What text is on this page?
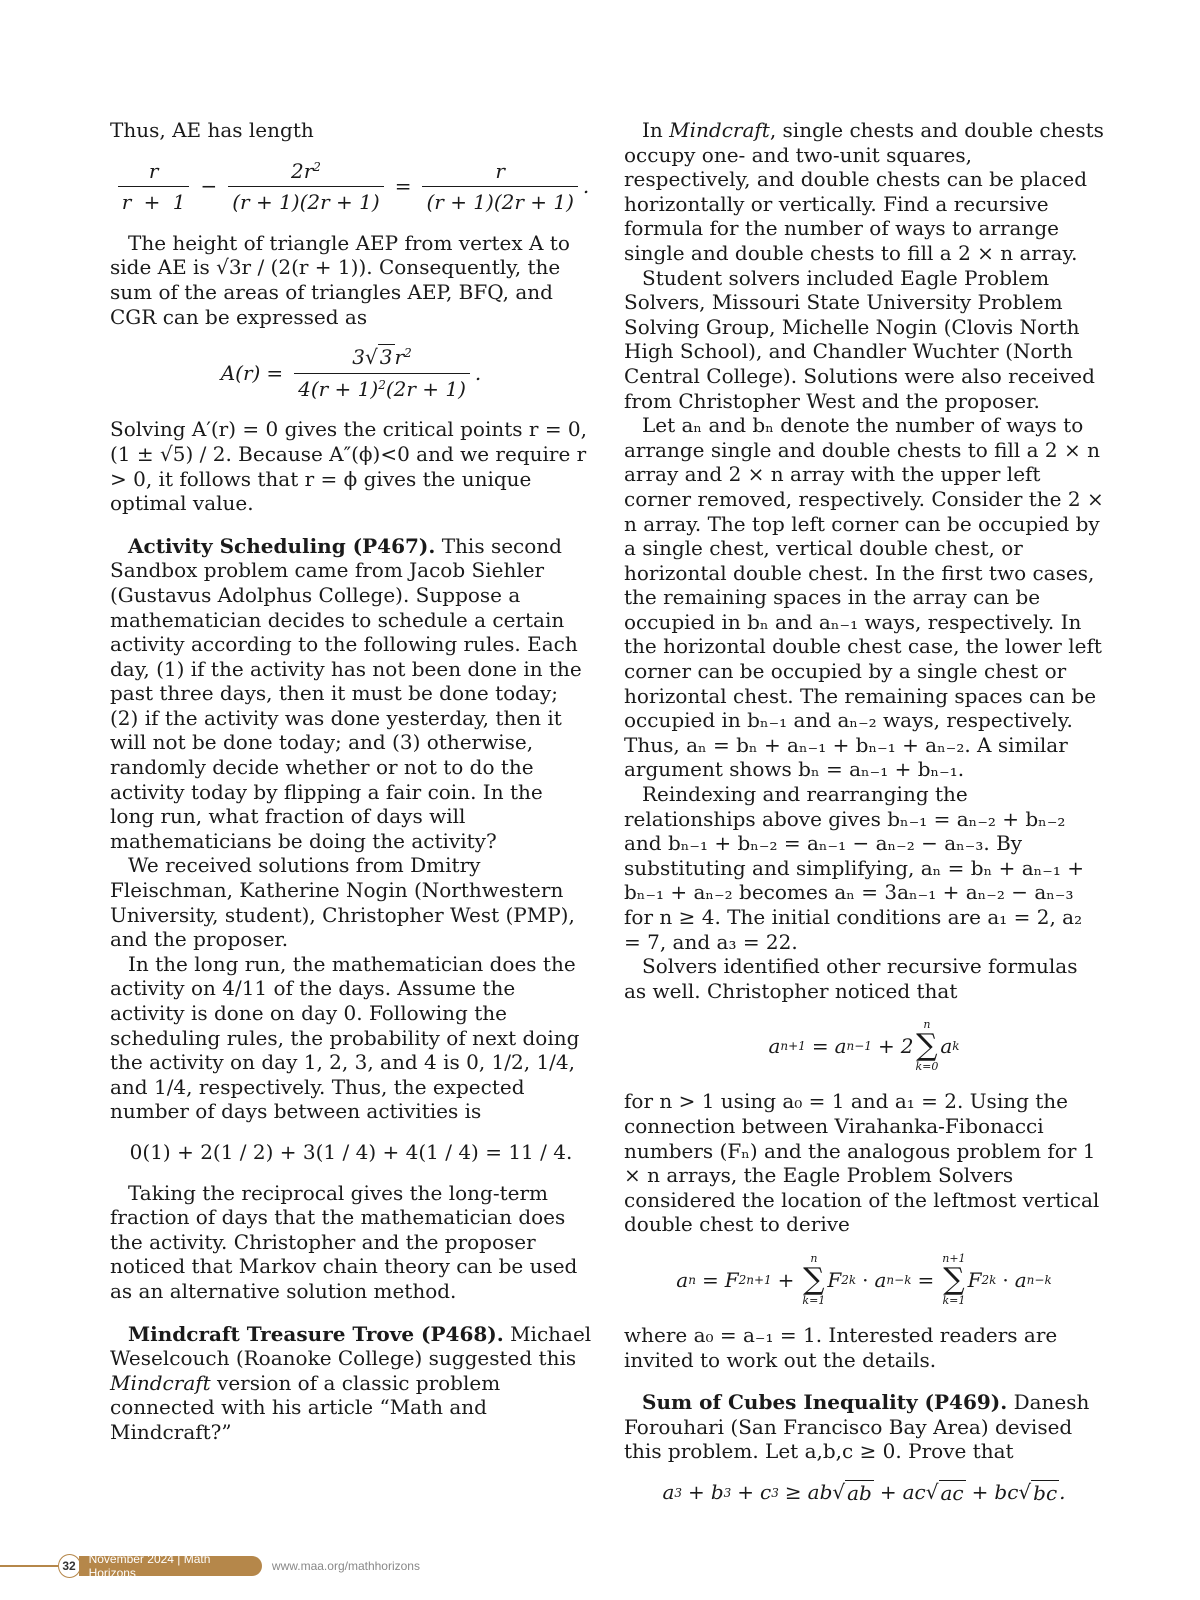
Thus, AE has length

$\frac{r}{r + 1} - \frac{2r^2}{(r + 1)(2r + 1)} = \frac{r}{(r + 1)(2r + 1)}$ .

The height of triangle AEP from vertex A to side AE is √3r / (2(r + 1)). Consequently, the sum of the areas of triangles AEP, BFQ, and CGR can be expressed as

$A(r) = \frac{3√ 3 r^2}{4(r + 1)^2(2r + 1)}$ .

Solving A′(r) = 0 gives the critical points r = 0,(1 ± √5) / 2. Because A″(ϕ)<0 and we require r > 0, it follows that r = ϕ gives the unique optimal value.

Activity Scheduling (P467). This second Sandbox problem came from Jacob Siehler (Gustavus Adolphus College). Suppose a mathematician decides to schedule a certain activity according to the following rules. Each day, (1) if the activity has not been done in the past three days, then it must be done today; (2) if the activity was done yesterday, then it will not be done today; and (3) otherwise, randomly decide whether or not to do the activity today by flipping a fair coin. In the long run, what fraction of days will mathematicians be doing the activity?

We received solutions from Dmitry Fleischman, Katherine Nogin (Northwestern University, student), Christopher West (PMP), and the proposer.

In the long run, the mathematician does the activity on 4/11 of the days. Assume the activity is done on day 0. Following the scheduling rules, the probability of next doing the activity on day 1, 2, 3, and 4 is 0, 1/2, 1/4, and 1/4, respectively. Thus, the expected number of days between activities is

0(1) + 2(1 / 2) + 3(1 / 4) + 4(1 / 4) = 11 / 4.

Taking the reciprocal gives the long-term fraction of days that the mathematician does the activity. Christopher and the proposer noticed that Markov chain theory can be used as an alternative solution method.

Mindcraft Treasure Trove (P468). Michael Weselcouch (Roanoke College) suggested this Mindcraft version of a classic problem connected with his article “Math and Mindcraft?”

In Mindcraft, single chests and double chests occupy one- and two-unit squares, respectively, and double chests can be placed horizontally or vertically. Find a recursive formula for the number of ways to arrange single and double chests to fill a 2 × n array.

Student solvers included Eagle Problem Solvers, Missouri State University Problem Solving Group, Michelle Nogin (Clovis North High School), and Chandler Wuchter (North Central College). Solutions were also received from Christopher West and the proposer.

Let aₙ and bₙ denote the number of ways to arrange single and double chests to fill a 2 × n array and 2 × n array with the upper left corner removed, respectively. Consider the 2 × n array. The top left corner can be occupied by a single chest, vertical double chest, or horizontal double chest. In the first two cases, the remaining spaces in the array can be occupied in bₙ and aₙ₋₁ ways, respectively. In the horizontal double chest case, the lower left corner can be occupied by a single chest or horizontal chest. The remaining spaces can be occupied in bₙ₋₁ and aₙ₋₂ ways, respectively. Thus, aₙ = bₙ + aₙ₋₁ + bₙ₋₁ + aₙ₋₂. A similar argument shows bₙ = aₙ₋₁ + bₙ₋₁.

Reindexing and rearranging the relationships above gives bₙ₋₁ = aₙ₋₂ + bₙ₋₂ and bₙ₋₁ + bₙ₋₂ = aₙ₋₁ − aₙ₋₂ − aₙ₋₃. By substituting and simplifying, aₙ = bₙ + aₙ₋₁ + bₙ₋₁ + aₙ₋₂ becomes aₙ = 3aₙ₋₁ + aₙ₋₂ − aₙ₋₃ for n ≥ 4. The initial conditions are a₁ = 2, a₂ = 7, and a₃ = 22.

Solvers identified other recursive formulas as well. Christopher noticed that

a n+1 = a n−1 + 2
n
∑
k=0
a k

for n > 1 using a₀ = 1 and a₁ = 2. Using the connection between Virahanka-Fibonacci numbers (Fₙ) and the analogous problem for 1 × n arrays, the Eagle Problem Solvers considered the location of the leftmost vertical double chest to derive

a n = F 2 n+1 +
n
∑
k=1
F 2 k · a n−k =
n+1
∑
k=1
F 2 k · a n−k

where a₀ = a₋₁ = 1. Interested readers are invited to work out the details.

Sum of Cubes Inequality (P469). Danesh Forouhari (San Francisco Bay Area) devised this problem. Let a,b,c ≥ 0. Prove that

a 3 + b 3 + c 3 ≥ ab√ ab + ac√ ac + bc√ bc .
32	November 2024 | Math Horizons	www.maa.org/mathhorizons
